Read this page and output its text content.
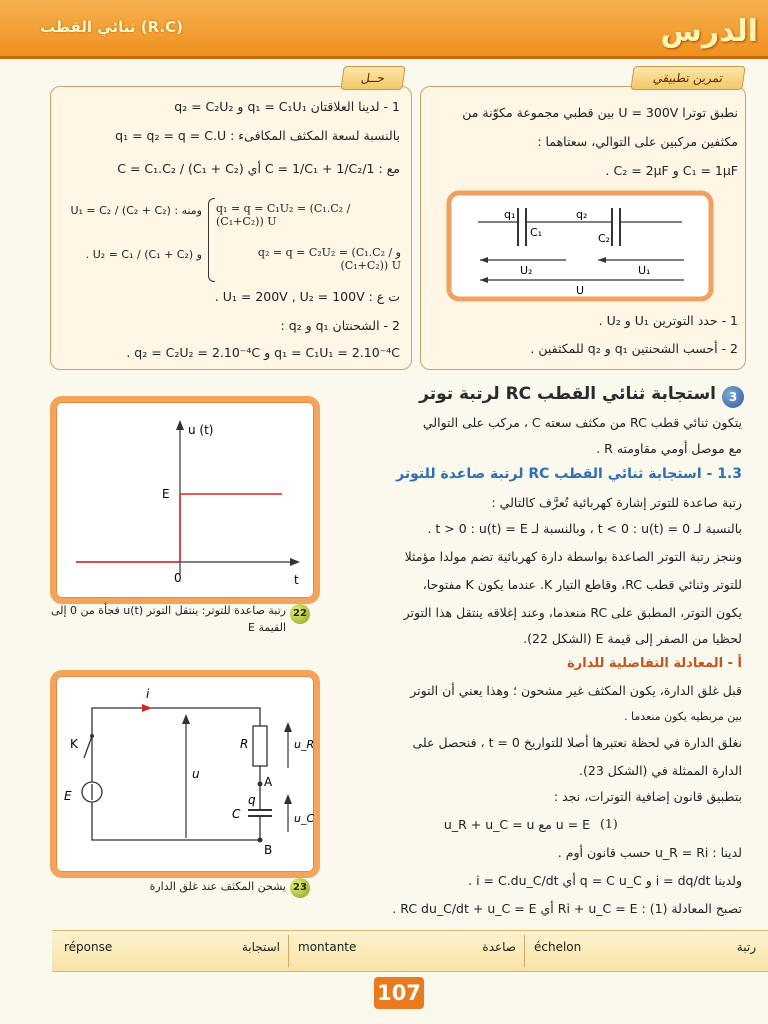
ثنائي القطب (R.C)	الدرس
حــل
1 - لدينا العلاقتان q₁ = C₁U₁ و q₂ = C₂U₂
بالنسبة لسعة المكثف المكافىء : q₁ = q₂ = q = C.U
مع : 1/C = 1/C₁ + 1/C₂ أي C = C₁.C₂ / (C₁ + C₂)
q₁ = q = C₁U₂ = (C₁.C₂ / (C₁+C₂)) U
و q₂ = q = C₂U₂ = (C₁.C₂ / (C₁+C₂)) U
ومنه : U₁ = C₂ / (C₂ + C₂)
و U₂ = C₁ / (C₁ + C₂) .
ت ع : U₁ = 200V , U₂ = 100V .
2 - الشحنتان q₁ و q₂ :
q₁ = C₁U₁ = 2.10⁻⁴C و q₂ = C₂U₂ = 2.10⁻⁴C .
تمرين تطبيقي
نطبق توترا U = 300V بين قطبي مجموعة مكوّنة من
مكثفين مركبين على التوالي، سعتاهما :
C₁ = 1μF و C₂ = 2μF .
q₁
C₁
q₂
C₂
U₂	U₁
U
1 - حدد التوترين U₁ و U₂ .
2 - أحسب الشحنتين q₁ و q₂ للمكثفين .
3
استجابة ثنائي القطب RC لرتبة توتر
يتكون ثنائي قطب RC من مكثف سعته C ، مركب على التوالي
مع موصل أومي مقاومته R .
1.3 - استجابة ثنائي القطب RC لرتبة صاعدة للتوتر
رتبة صاعدة للتوتر إشارة كهربائية تُعرَّف كالتالي :
بالنسبة لـ t < 0 : u(t) = 0 ، وبالنسبة لـ t > 0 : u(t) = E .
وننجز رتبة التوتر الصاعدة بواسطة دارة كهربائية تضم مولدا مؤمثلا
للتوتر وثنائي قطب RC، وقاطع التيار K. عندما يكون K مفتوحا،
يكون التوتر، المطبق على RC منعدما، وعند إغلاقه ينتقل هذا التوتر
لحظيا من الصفر إلى قيمة E (الشكل 22).
أ - المعادلة التفاضلية للدارة
قبل غلق الدارة، يكون المكثف غير مشحون ؛ وهذا يعني أن التوتر
بين مربطيه يكون منعدما .
نغلق الدارة في لحظة نعتبرها أصلا للتواريخ t = 0 ، فنحصل على
الدارة الممثلة في (الشكل 23).
بتطبيق قانون إضافية التوترات، نجد :
(1)
u = E مع u_R + u_C = u
لدينا : u_R = Ri حسب قانون أوم .
ولدينا i = dq/dt و q = C u_C أي i = C.du_C/dt .
تصبح المعادلة (1) : Ri + u_C = E أي RC du_C/dt + u_C = E .
u (t)
E
0	t
22
رتبة صاعدة للتوتر: ينتقل التوتر u(t) فجأة من 0 إلى القيمة E
i
K
E
R	u_R
u
A
q
C	u_C
B
23
يشحن المكثف عند غلق الدارة
réponse	استجابة montante	صاعدة échelon	رتبة
107
